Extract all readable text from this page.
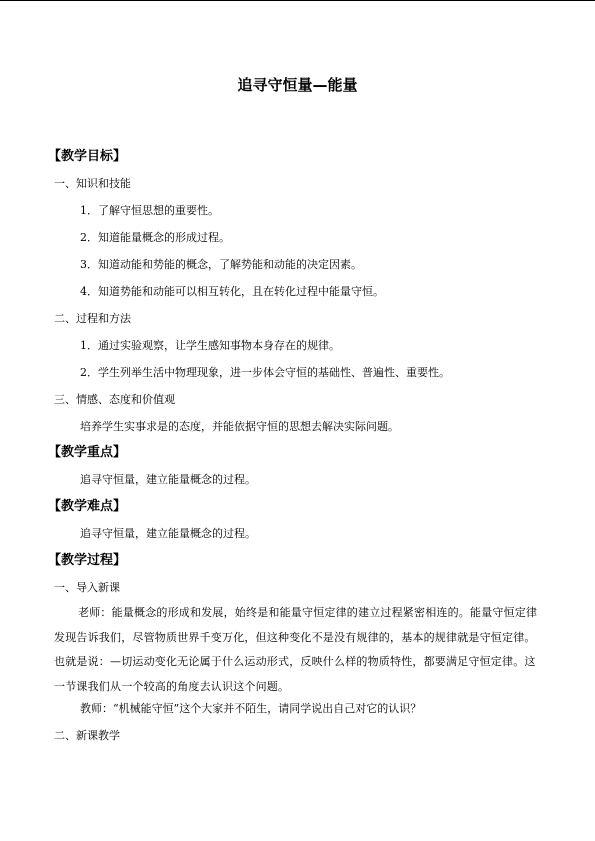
追寻守恒量—能量
【教学目标】
一、知识和技能
1．了解守恒思想的重要性。
2．知道能量概念的形成过程。
3．知道动能和势能的概念，了解势能和动能的决定因素。
4．知道势能和动能可以相互转化，且在转化过程中能量守恒。
二、过程和方法
1．通过实验观察，让学生感知事物本身存在的规律。
2．学生列举生活中物理现象，进一步体会守恒的基础性、普遍性、重要性。
三、情感、态度和价值观
培养学生实事求是的态度，并能依据守恒的思想去解决实际问题。
【教学重点】
追寻守恒量，建立能量概念的过程。
【教学难点】
追寻守恒量，建立能量概念的过程。
【教学过程】
一、导入新课
老师：能量概念的形成和发展，始终是和能量守恒定律的建立过程紧密相连的。能量守恒定律发现告诉我们，尽管物质世界千变万化，但这种变化不是没有规律的，基本的规律就是守恒定律。也就是说：—切运动变化无论属于什么运动形式，反映什么样的物质特性，都要满足守恒定律。这一节课我们从一个较高的角度去认识这个问题。
教师：“机械能守恒”这个大家并不陌生，请同学说出自己对它的认识？
二、新课教学
